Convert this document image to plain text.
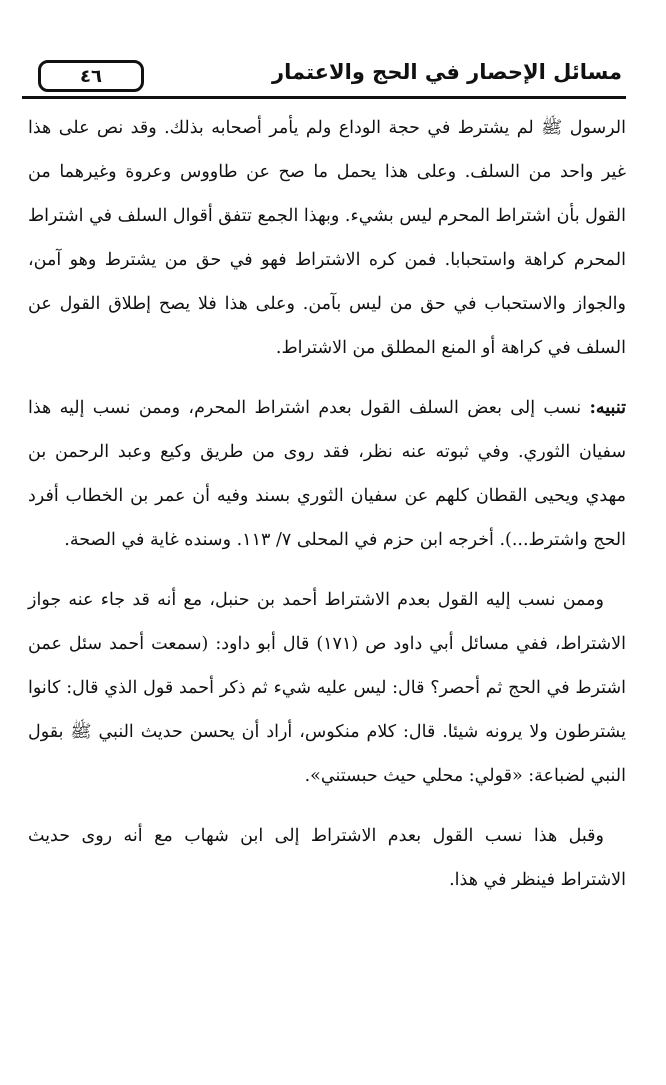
مسائل الإحصار في الحج والاعتمار
٤٦

الرسول ﷺ لم يشترط في حجة الوداع ولم يأمر أصحابه بذلك. وقد نص على هذا غير واحد من السلف. وعلى هذا يحمل ما صح عن طاووس وعروة وغيرهما من القول بأن اشتراط المحرم ليس بشيء. وبهذا الجمع تتفق أقوال السلف في اشتراط المحرم كراهة واستحبابا. فمن كره الاشتراط فهو في حق من يشترط وهو آمن، والجواز والاستحباب في حق من ليس بآمن. وعلى هذا فلا يصح إطلاق القول عن السلف في كراهة أو المنع المطلق من الاشتراط.

تنبيه: نسب إلى بعض السلف القول بعدم اشتراط المحرم، وممن نسب إليه هذا سفيان الثوري. وفي ثبوته عنه نظر، فقد روى من طريق وكيع وعبد الرحمن بن مهدي ويحيى القطان كلهم عن سفيان الثوري بسند وفيه أن عمر بن الخطاب أفرد الحج واشترط...). أخرجه ابن حزم في المحلى ٧/ ١١٣. وسنده غاية في الصحة.

وممن نسب إليه القول بعدم الاشتراط أحمد بن حنبل، مع أنه قد جاء عنه جواز الاشتراط، ففي مسائل أبي داود ص (١٧١) قال أبو داود: (سمعت أحمد سئل عمن اشترط في الحج ثم أحصر؟ قال: ليس عليه شيء ثم ذكر أحمد قول الذي قال: كانوا يشترطون ولا يرونه شيئا. قال: كلام منكوس، أراد أن يحسن حديث النبي ﷺ بقول النبي لضباعة: «قولي: محلي حيث حبستني».

وقبل هذا نسب القول بعدم الاشتراط إلى ابن شهاب مع أنه روى حديث الاشتراط فينظر في هذا.
